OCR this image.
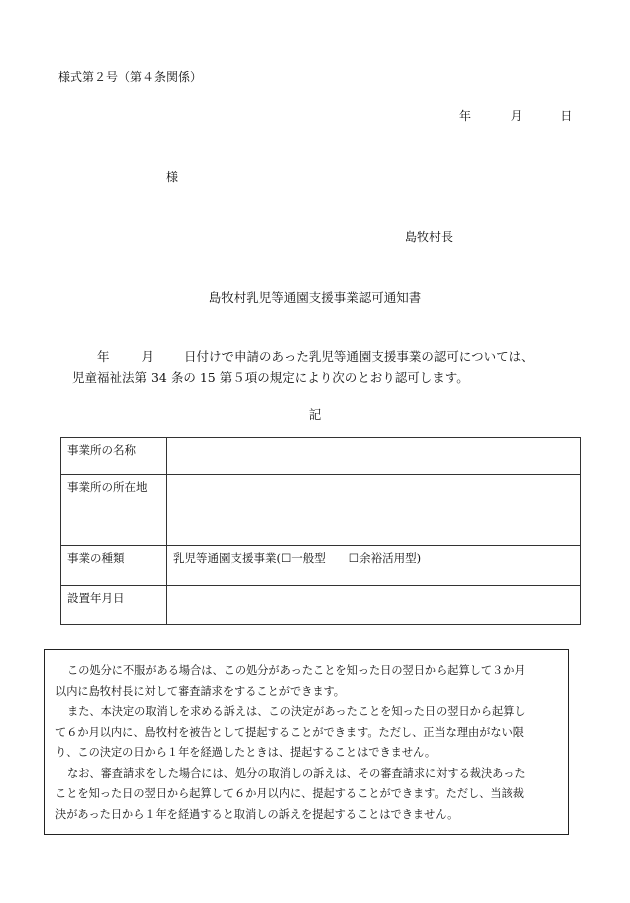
様式第２号（第４条関係）
年	月	日
様
島牧村長
島牧村乳児等通園支援事業認可通知書
年	月 日付けで申請のあった乳児等通園支援事業の認可については、
児童福祉法第 34 条の 15 第５項の規定により次のとおり認可します。
記
事業所の名称	
事業所の所在地	
事業の種類	乳児等通園支援事業(☐一般型　　☐余裕活用型)
設置年月日	
この処分に不服がある場合は、この処分があったことを知った日の翌日から起算して３か月
以内に島牧村長に対して審査請求をすることができます。
また、本決定の取消しを求める訴えは、この決定があったことを知った日の翌日から起算し
て６か月以内に、島牧村を被告として提起することができます。ただし、正当な理由がない限
り、この決定の日から１年を経過したときは、提起することはできません。
なお、審査請求をした場合には、処分の取消しの訴えは、その審査請求に対する裁決あった
ことを知った日の翌日から起算して６か月以内に、提起することができます。ただし、当該裁
決があった日から１年を経過すると取消しの訴えを提起することはできません。
